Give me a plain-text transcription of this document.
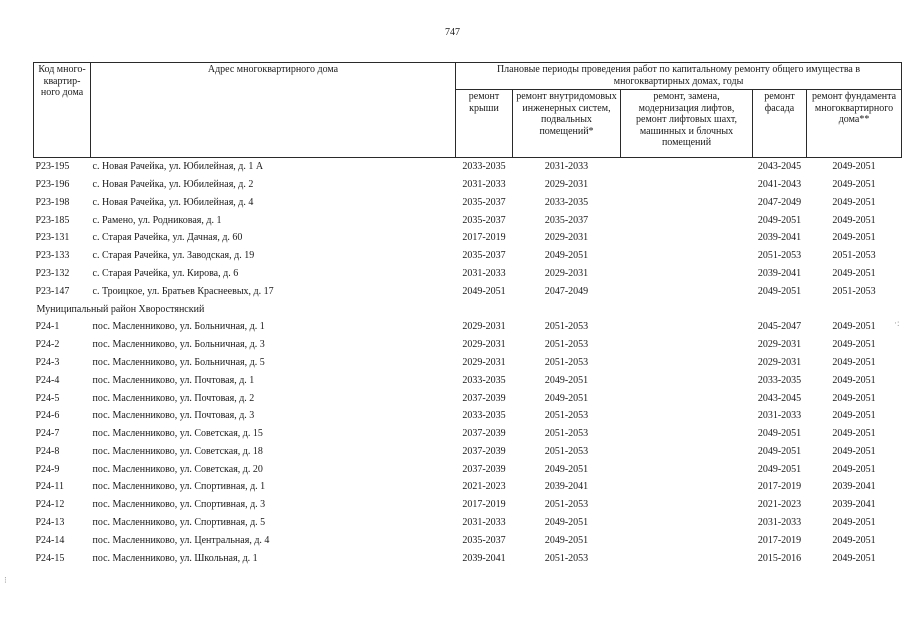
747
Код много-квартир-ного дома	Адрес многоквартирного дома	Плановые периоды проведения работ по капитальному ремонту общего имущества в многоквартирных домах, годы				
		ремонт крыши	ремонт внутридомовых инженерных систем, подвальных помещений*	ремонт, замена, модернизация лифтов, ремонт лифтовых шахт, машинных и блочных помещений	ремонт фасада	ремонт фундамента многоквартирного дома**
Р23-195	с. Новая Рачейка, ул. Юбилейная, д. 1 А	2033-2035	2031-2033		2043-2045	2049-2051
Р23-196	с. Новая Рачейка, ул. Юбилейная, д. 2	2031-2033	2029-2031		2041-2043	2049-2051
Р23-198	с. Новая Рачейка, ул. Юбилейная, д. 4	2035-2037	2033-2035		2047-2049	2049-2051
Р23-185	с. Рамено, ул. Родниковая, д. 1	2035-2037	2035-2037		2049-2051	2049-2051
Р23-131	с. Старая Рачейка, ул. Дачная, д. 60	2017-2019	2029-2031		2039-2041	2049-2051
Р23-133	с. Старая Рачейка, ул. Заводская, д. 19	2035-2037	2049-2051		2051-2053	2051-2053
Р23-132	с. Старая Рачейка, ул. Кирова, д. 6	2031-2033	2029-2031		2039-2041	2049-2051
Р23-147	с. Троицкое, ул. Братьев Краснеевых, д. 17	2049-2051	2047-2049		2049-2051	2051-2053
Муниципальный район Хворостянский						
Р24-1	пос. Масленниково, ул. Больничная, д. 1	2029-2031	2051-2053		2045-2047	2049-2051
Р24-2	пос. Масленниково, ул. Больничная, д. 3	2029-2031	2051-2053		2029-2031	2049-2051
Р24-3	пос. Масленниково, ул. Больничная, д. 5	2029-2031	2051-2053		2029-2031	2049-2051
Р24-4	пос. Масленниково, ул. Почтовая, д. 1	2033-2035	2049-2051		2033-2035	2049-2051
Р24-5	пос. Масленниково, ул. Почтовая, д. 2	2037-2039	2049-2051		2043-2045	2049-2051
Р24-6	пос. Масленниково, ул. Почтовая, д. 3	2033-2035	2051-2053		2031-2033	2049-2051
Р24-7	пос. Масленниково, ул. Советская, д. 15	2037-2039	2051-2053		2049-2051	2049-2051
Р24-8	пос. Масленниково, ул. Советская, д. 18	2037-2039	2051-2053		2049-2051	2049-2051
Р24-9	пос. Масленниково, ул. Советская, д. 20	2037-2039	2049-2051		2049-2051	2049-2051
Р24-11	пос. Масленниково, ул. Спортивная, д. 1	2021-2023	2039-2041		2017-2019	2039-2041
Р24-12	пос. Масленниково, ул. Спортивная, д. 3	2017-2019	2051-2053		2021-2023	2039-2041
Р24-13	пос. Масленниково, ул. Спортивная, д. 5	2031-2033	2049-2051		2031-2033	2049-2051
Р24-14	пос. Масленниково, ул. Центральная, д. 4	2035-2037	2049-2051		2017-2019	2049-2051
Р24-15	пос. Масленниково, ул. Школьная, д. 1	2039-2041	2051-2053		2015-2016	2049-2051
·:
⁝
